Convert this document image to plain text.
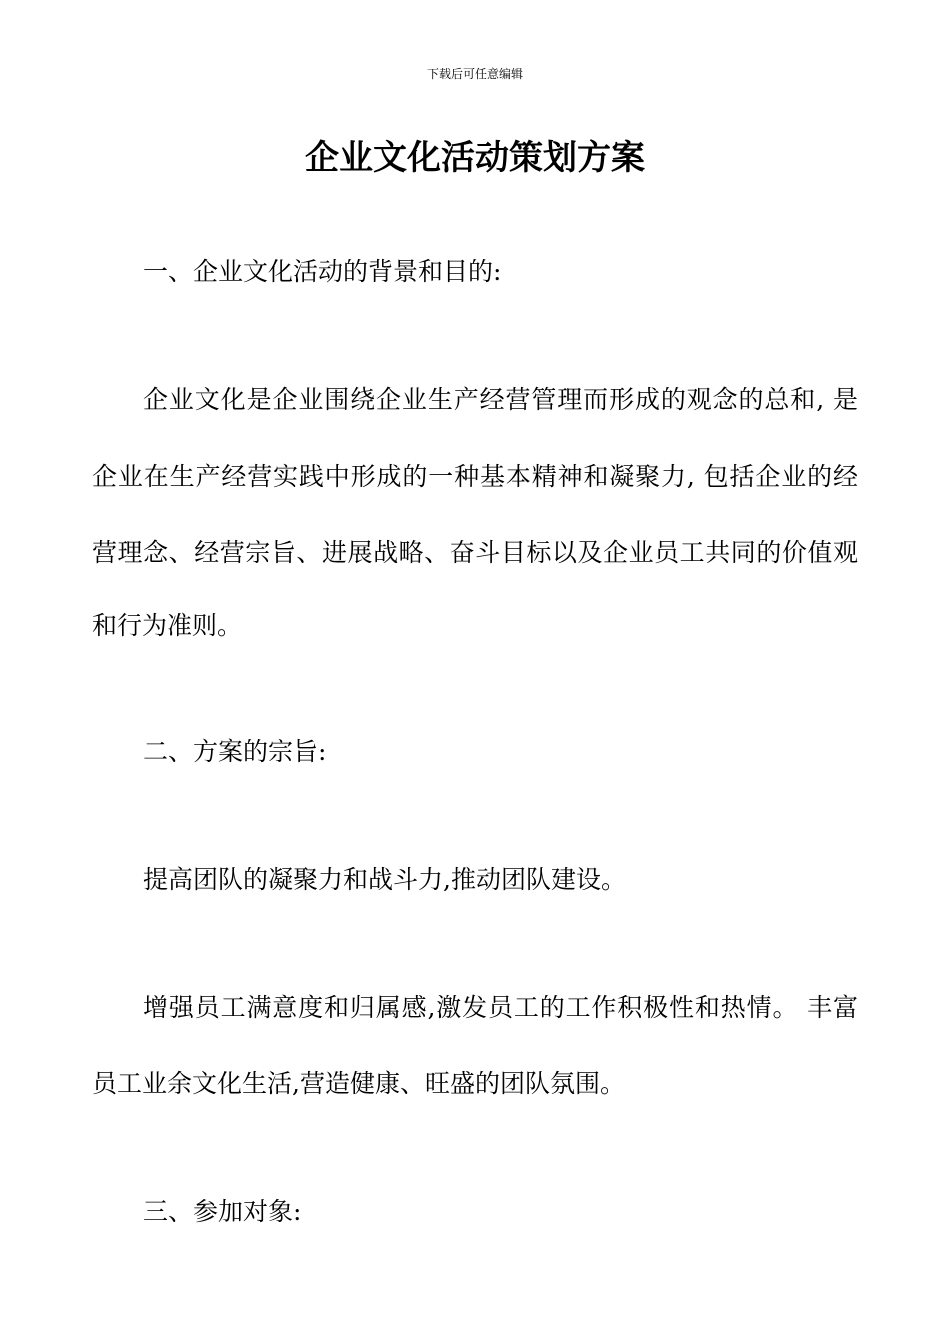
下载后可任意编辑
企业文化活动策划方案
一、企业文化活动的背景和目的:
企业文化是企业围绕企业生产经营管理而形成的观念的总和, 是
企业在生产经营实践中形成的一种基本精神和凝聚力, 包括企业的经
营理念、经营宗旨、进展战略、奋斗目标以及企业员工共同的价值观
和行为准则。
二、方案的宗旨:
提高团队的凝聚力和战斗力,推动团队建设。
增强员工满意度和归属感,激发员工的工作积极性和热情。 丰富
员工业余文化生活,营造健康、旺盛的团队氛围。
三、参加对象:
